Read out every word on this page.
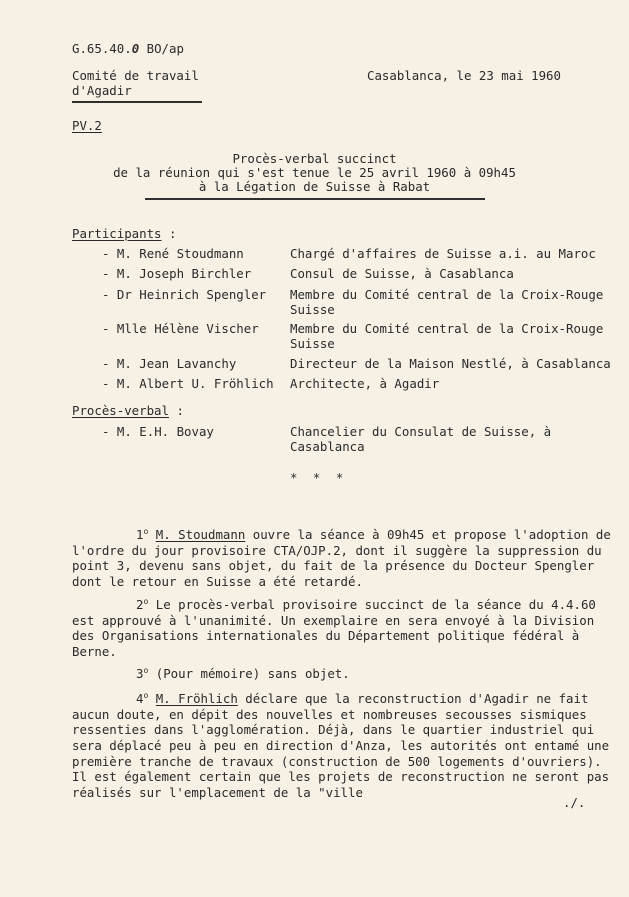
G.65.40.0 BO/ap
Comité de travail
d'Agadir
Casablanca, le 23 mai 1960
PV.2
Procès-verbal succinct
de la réunion qui s'est tenue le 25 avril 1960 à 09h45
à la Légation de Suisse à Rabat
Participants :
- M. René Stoudmann	Chargé d'affaires de Suisse a.i. au Maroc
- M. Joseph Birchler	Consul de Suisse, à Casablanca
- Dr Heinrich Spengler Membre du Comité central de la Croix-Rouge Suisse
- Mlle Hélène Vischer	Membre du Comité central de la Croix-Rouge Suisse
- M. Jean Lavanchy	Directeur de la Maison Nestlé, à Casablanca
- M. Albert U. Fröhlich Architecte, à Agadir
Procès-verbal :
- M. E.H. Bovay	Chancelier du Consulat de Suisse, à Casablanca
* * *
1$^o$ M. Stoudmann ouvre la séance à 09h45 et propose l'adoption de l'ordre du jour provisoire CTA/OJP.2, dont il suggère la suppression du point 3, devenu sans objet, du fait de la présence du Docteur Spengler dont le retour en Suisse a été retardé.
2$^o$ Le procès-verbal provisoire succinct de la séance du 4.4.60 est approuvé à l'unanimité. Un exemplaire en sera envoyé à la Division des Organisations internationales du Département politique fédéral à Berne.
3$^o$ (Pour mémoire) sans objet.
4$^o$ M. Fröhlich déclare que la reconstruction d'Agadir ne fait aucun doute, en dépit des nouvelles et nombreuses secousses sismiques ressenties dans l'agglomération. Déjà, dans le quartier industriel qui sera déplacé peu à peu en direction d'Anza, les autorités ont entamé une première tranche de travaux (construction de 500 logements d'ouvriers). Il est également certain que les projets de reconstruction ne seront pas réalisés sur l'emplacement de la "ville
./.
